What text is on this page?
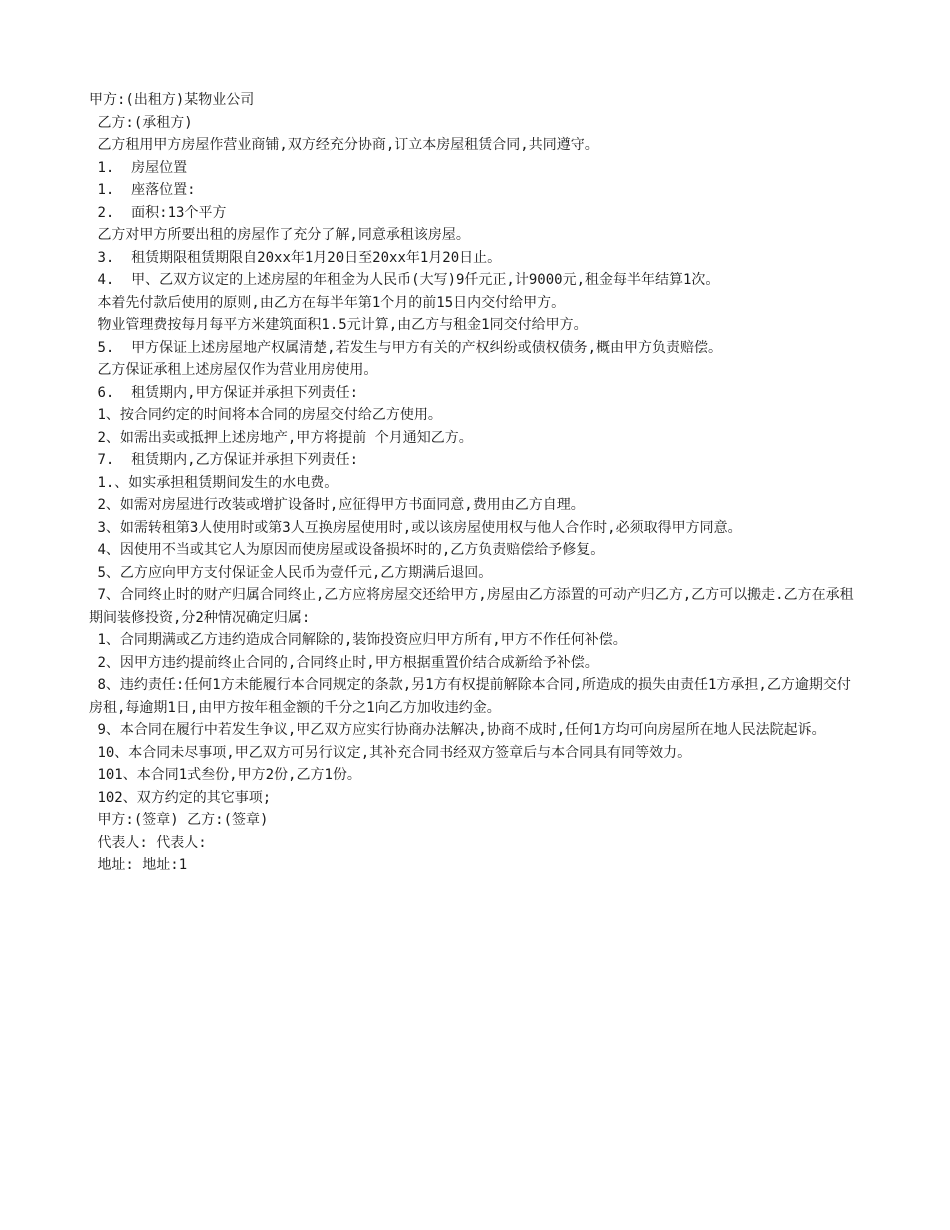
甲方:(出租方)某物业公司

乙方:(承租方)

乙方租用甲方房屋作营业商铺,双方经充分协商,订立本房屋租赁合同,共同遵守。

1.  房屋位置

1.  座落位置:

2.  面积:13个平方

乙方对甲方所要出租的房屋作了充分了解,同意承租该房屋。

3.  租赁期限租赁期限自20xx年1月20日至20xx年1月20日止。

4.  甲、乙双方议定的上述房屋的年租金为人民币(大写)9仟元正,计9000元,租金每半年结算1次。

本着先付款后使用的原则,由乙方在每半年第1个月的前15日内交付给甲方。

物业管理费按每月每平方米建筑面积1.5元计算,由乙方与租金1同交付给甲方。

5.  甲方保证上述房屋地产权属清楚,若发生与甲方有关的产权纠纷或债权债务,概由甲方负责赔偿。

乙方保证承租上述房屋仅作为营业用房使用。

6.  租赁期内,甲方保证并承担下列责任:

1、按合同约定的时间将本合同的房屋交付给乙方使用。

2、如需出卖或抵押上述房地产,甲方将提前 个月通知乙方。

7.  租赁期内,乙方保证并承担下列责任:

1.、如实承担租赁期间发生的水电费。

2、如需对房屋进行改装或增扩设备时,应征得甲方书面同意,费用由乙方自理。

3、如需转租第3人使用时或第3人互换房屋使用时,或以该房屋使用权与他人合作时,必须取得甲方同意。

4、因使用不当或其它人为原因而使房屋或设备损坏时的,乙方负责赔偿给予修复。

5、乙方应向甲方支付保证金人民币为壹仟元,乙方期满后退回。

7、合同终止时的财产归属合同终止,乙方应将房屋交还给甲方,房屋由乙方添置的可动产归乙方,乙方可以搬走.乙方在承租期间装修投资,分2种情况确定归属:

1、合同期满或乙方违约造成合同解除的,装饰投资应归甲方所有,甲方不作任何补偿。

2、因甲方违约提前终止合同的,合同终止时,甲方根据重置价结合成新给予补偿。

8、违约责任:任何1方未能履行本合同规定的条款,另1方有权提前解除本合同,所造成的损失由责任1方承担,乙方逾期交付房租,每逾期1日,由甲方按年租金额的千分之1向乙方加收违约金。

9、本合同在履行中若发生争议,甲乙双方应实行协商办法解决,协商不成时,任何1方均可向房屋所在地人民法院起诉。

10、本合同未尽事项,甲乙双方可另行议定,其补充合同书经双方签章后与本合同具有同等效力。

101、本合同1式叁份,甲方2份,乙方1份。

102、双方约定的其它事项;

甲方:(签章) 乙方:(签章)

代表人: 代表人:

地址: 地址:1
